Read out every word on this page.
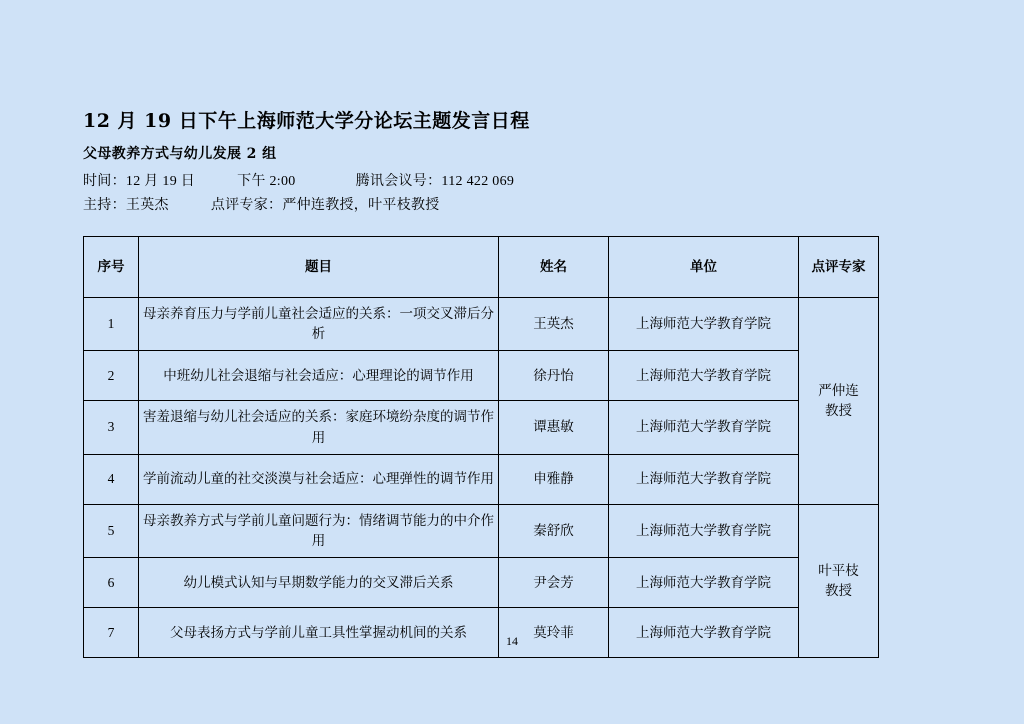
12 月 19 日下午上海师范大学分论坛主题发言日程
父母教养方式与幼儿发展 2 组
时间：12 月 19 日	下午 2:00	腾讯会议号：112 422 069
主持：王英杰	点评专家：严仲连教授，叶平枝教授
序号	题目	姓名	单位	点评专家
1	母亲养育压力与学前儿童社会适应的关系：一项交叉滞后分析	王英杰	上海师范大学教育学院	严仲连
教授

2	中班幼儿社会退缩与社会适应：心理理论的调节作用	徐丹怡	上海师范大学教育学院	
3	害羞退缩与幼儿社会适应的关系：家庭环境纷杂度的调节作用	谭惠敏	上海师范大学教育学院	
4	学前流动儿童的社交淡漠与社会适应：心理弹性的调节作用	申雅静	上海师范大学教育学院	
5	母亲教养方式与学前儿童问题行为：情绪调节能力的中介作用	秦舒欣	上海师范大学教育学院	叶平枝
教授

6	幼儿模式认知与早期数学能力的交叉滞后关系	尹会芳	上海师范大学教育学院	
7	父母表扬方式与学前儿童工具性掌握动机间的关系	莫玲菲	上海师范大学教育学院	
14
